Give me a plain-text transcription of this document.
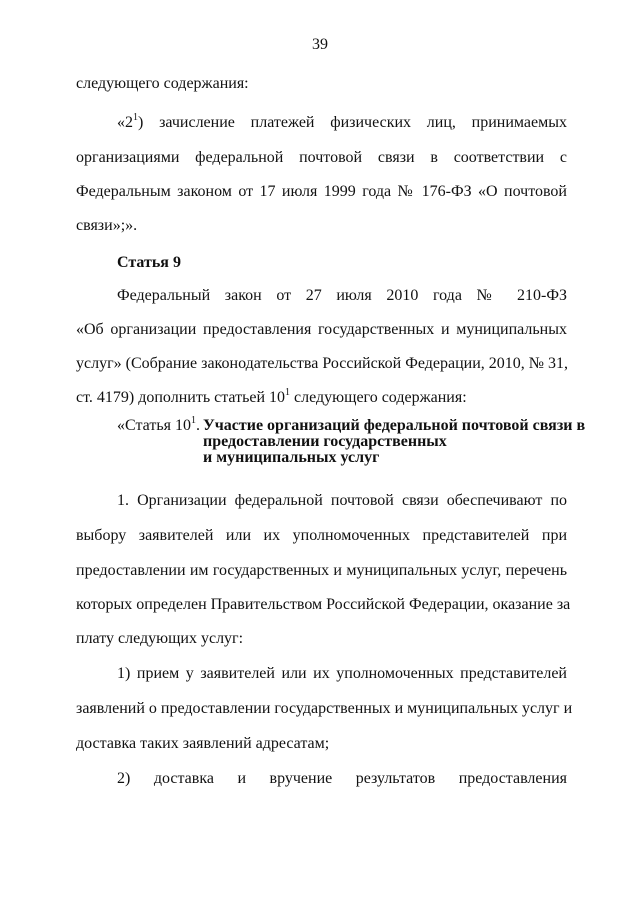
39
следующего содержания:
«$2^1$) зачисление платежей физических лиц, принимаемых
организациями федеральной почтовой связи в соответствии с
Федеральным законом от 17 июля 1999 года № 176-ФЗ «О почтовой
связи»;».
Статья 9
Федеральный закон от 27 июля 2010 года № 210-ФЗ
«Об организации предоставления государственных и муниципальных
услуг» (Собрание законодательства Российской Федерации, 2010, № 31,
ст. 4179) дополнить статьей $10^1$ следующего содержания:
«Статья $10^1$. Участие организаций федеральной почтовой связи в
предоставлении государственных
и муниципальных услуг
1. Организации федеральной почтовой связи обеспечивают по
выбору заявителей или их уполномоченных представителей при
предоставлении им государственных и муниципальных услуг, перечень
которых определен Правительством Российской Федерации, оказание за
плату следующих услуг:
1) прием у заявителей или их уполномоченных представителей
заявлений о предоставлении государственных и муниципальных услуг и
доставка таких заявлений адресатам;
2) доставка и вручение результатов предоставления
